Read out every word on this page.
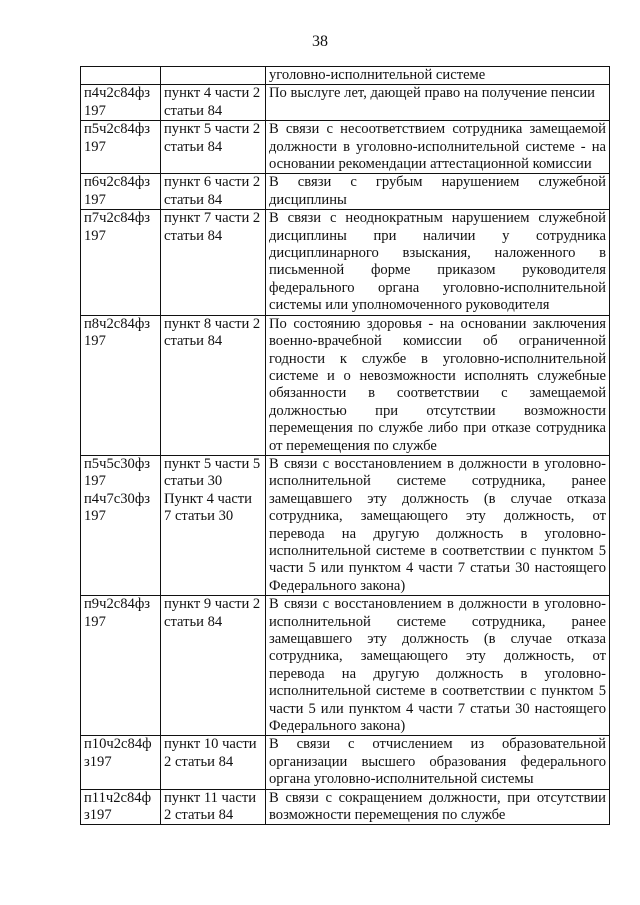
38
		уголовно-исполнительной системе
п4ч2с84фз 197	пункт 4 части 2 статьи 84	По выслуге лет, дающей право на получение пенсии
п5ч2с84фз 197	пункт 5 части 2 статьи 84	В связи с несоответствием сотрудника замещаемой должности в уголовно-исполнительной системе - на основании рекомендации аттестационной комиссии
п6ч2с84фз 197	пункт 6 части 2 статьи 84	В связи с грубым нарушением служебной дисциплины
п7ч2с84фз 197	пункт 7 части 2 статьи 84	В связи с неоднократным нарушением служебной дисциплины при наличии у сотрудника дисциплинарного взыскания, наложенного в письменной форме приказом руководителя федерального органа уголовно-исполнительной системы или уполномоченного руководителя
п8ч2с84фз 197	пункт 8 части 2 статьи 84	По состоянию здоровья - на основании заключения военно-врачебной комиссии об ограниченной годности к службе в уголовно-исполнительной системе и о невозможности исполнять служебные обязанности в соответствии с замещаемой должностью при отсутствии возможности перемещения по службе либо при отказе сотрудника от перемещения по службе
п5ч5с30фз 197 п4ч7с30фз 197	пункт 5 части 5 статьи 30 Пункт 4 части 7 статьи 30	В связи с восстановлением в должности в уголовно-исполнительной системе сотрудника, ранее замещавшего эту должность (в случае отказа сотрудника, замещающего эту должность, от перевода на другую должность в уголовно-исполнительной системе в соответствии с пунктом 5 части 5 или пунктом 4 части 7 статьи 30 настоящего Федерального закона)
п9ч2с84фз 197	пункт 9 части 2 статьи 84	В связи с восстановлением в должности в уголовно-исполнительной системе сотрудника, ранее замещавшего эту должность (в случае отказа сотрудника, замещающего эту должность, от перевода на другую должность в уголовно-исполнительной системе в соответствии с пунктом 5 части 5 или пунктом 4 части 7 статьи 30 настоящего Федерального закона)
п10ч2с84ф з197	пункт 10 части 2 статьи 84	В связи с отчислением из образовательной организации высшего образования федерального органа уголовно-исполнительной системы
п11ч2с84ф з197	пункт 11 части 2 статьи 84	В связи с сокращением должности, при отсутствии возможности перемещения по службе
